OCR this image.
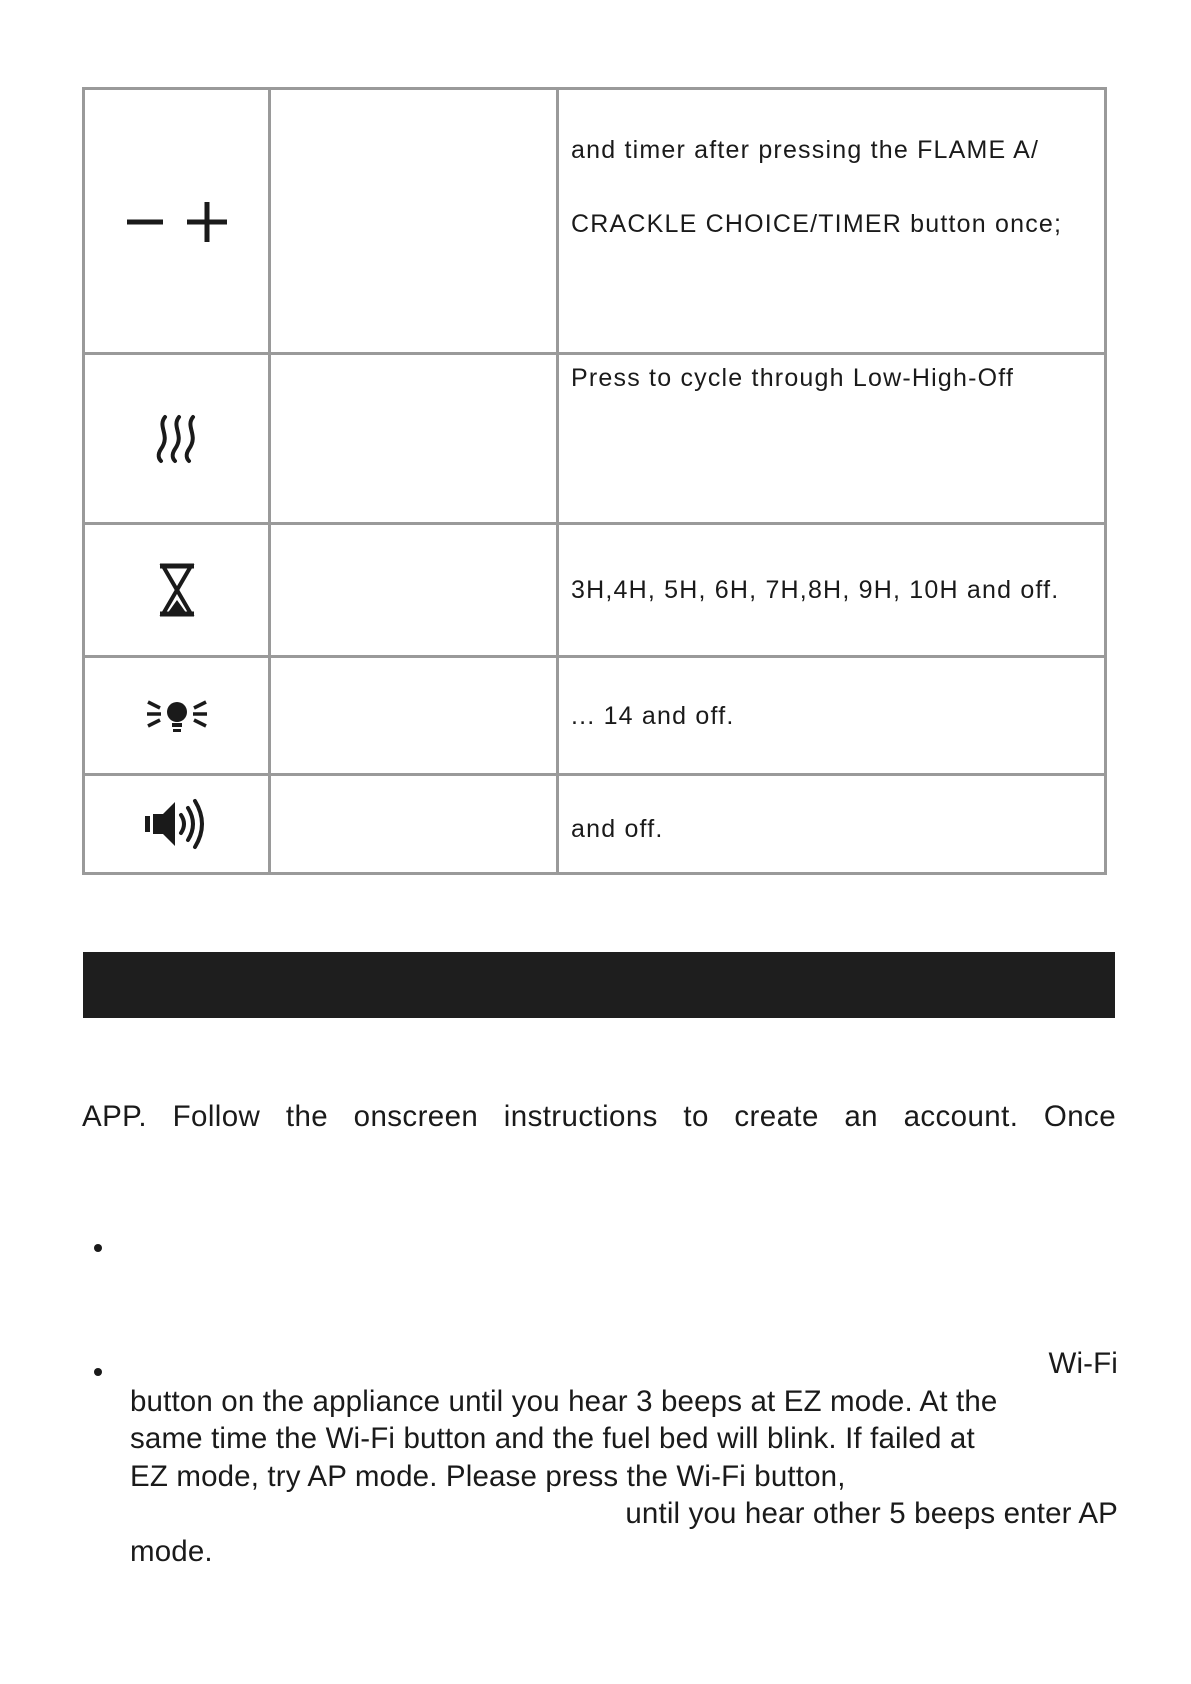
and timer after pressing the FLAME A/
CRACKLE CHOICE/TIMER button once;

Press to cycle through Low-High-Off

3H,4H, 5H, 6H, 7H,8H, 9H, 10H and off.

... 14 and off.

and off.
APP. Follow the onscreen instructions to create an account. Once
Wi-Fi
button on the appliance until you hear 3 beeps at EZ mode. At the
same time the Wi-Fi button and the fuel bed will blink. If failed at
EZ mode, try AP mode. Please press the Wi-Fi button,
until you hear other 5 beeps enter AP
mode.
